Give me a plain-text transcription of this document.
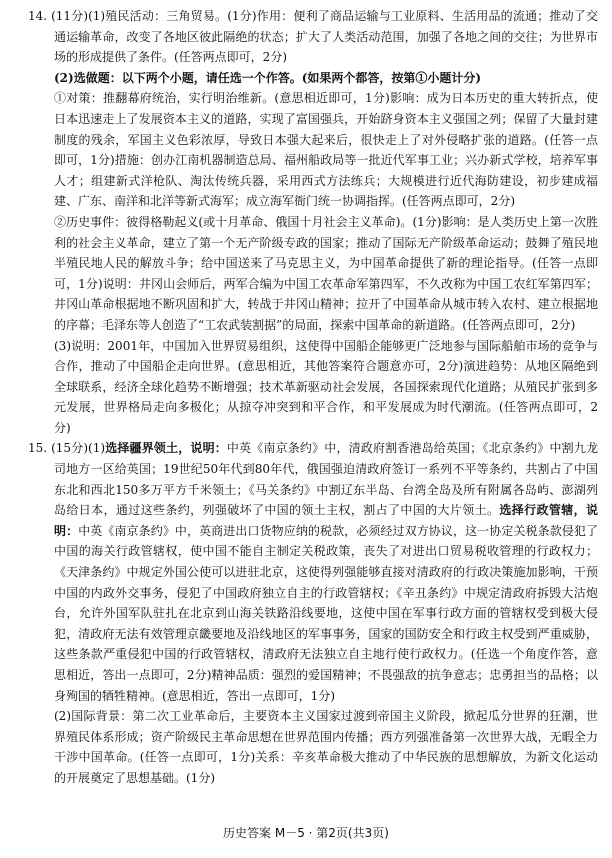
14. (11分)(1)殖民活动：三角贸易。(1分)作用：便利了商品运输与工业原料、生活用品的流通；推动了交通运输革命，改变了各地区彼此隔绝的状态；扩大了人类活动范围，加强了各地之间的交往；为世界市场的形成提供了条件。(任答两点即可，2分)

(2)选做题：以下两个小题，请任选一个作答。(如果两个都答，按第①小题计分)

①对策：推翻幕府统治，实行明治维新。(意思相近即可，1分)影响：成为日本历史的重大转折点，使日本迅速走上了发展资本主义的道路，实现了富国强兵，开始跻身资本主义强国之列；保留了大量封建制度的残余，军国主义色彩浓厚，导致日本强大起来后，很快走上了对外侵略扩张的道路。(任答一点即可，1分)措施：创办江南机器制造总局、福州船政局等一批近代军事工业；兴办新式学校，培养军事人才；组建新式洋枪队、淘汰传统兵器，采用西式方法练兵；大规模进行近代海防建设，初步建成福建、广东、南洋和北洋等新式海军；成立海军衙门统一协调指挥。(任答两点即可，2分)

②历史事件：彼得格勒起义(或十月革命、俄国十月社会主义革命)。(1分)影响：是人类历史上第一次胜利的社会主义革命，建立了第一个无产阶级专政的国家；推动了国际无产阶级革命运动；鼓舞了殖民地半殖民地人民的解放斗争；给中国送来了马克思主义，为中国革命提供了新的理论指导。(任答一点即可，1分)说明：井冈山会师后，两军合编为中国工农革命军第四军，不久改称为中国工农红军第四军；井冈山革命根据地不断巩固和扩大，转战于井冈山精神；拉开了中国革命从城市转入农村、建立根据地的序幕；毛泽东等人创造了“工农武装割据”的局面，探索中国革命的新道路。(任答两点即可，2分)

(3)说明：2001年，中国加入世界贸易组织，这使得中国船企能够更广泛地参与国际船舶市场的竞争与合作，推动了中国船企走向世界。(意思相近，其他答案符合题意亦可，2分)演进趋势：从地区隔绝到全球联系，经济全球化趋势不断增强；技术革新驱动社会发展，各国探索现代化道路；从殖民扩张到多元发展，世界格局走向多极化；从掠夺冲突到和平合作，和平发展成为时代潮流。(任答两点即可，2分)

15. (15分)(1)选择疆界领土，说明：中英《南京条约》中，清政府割香港岛给英国；《北京条约》中割九龙司地方一区给英国；19世纪50年代到80年代，俄国强迫清政府签订一系列不平等条约，共割占了中国东北和西北150多万平方千米领土；《马关条约》中割辽东半岛、台湾全岛及所有附属各岛屿、澎湖列岛给日本，通过这些条约，列强破坏了中国的领土主权，割占了中国的大片领土。选择行政管辖，说明：中英《南京条约》中，英商进出口货物应纳的税款，必须经过双方协议，这一协定关税条款侵犯了中国的海关行政管辖权，使中国不能自主制定关税政策，丧失了对进出口贸易税收管理的行政权力；《天津条约》中规定外国公使可以进驻北京，这使得列强能够直接对清政府的行政决策施加影响，干预中国的内政外交事务，侵犯了中国政府独立自主的行政管辖权；《辛丑条约》中规定清政府拆毁大沽炮台，允许外国军队驻扎在北京到山海关铁路沿线要地，这使中国在军事行政方面的管辖权受到极大侵犯，清政府无法有效管理京畿要地及沿线地区的军事事务，国家的国防安全和行政主权受到严重威胁，这些条款严重侵犯中国的行政管辖权，清政府无法独立自主地行使行政权力。(任选一个角度作答，意思相近，答出一点即可，2分)精神品质：强烈的爱国精神；不畏强敌的抗争意志；忠勇担当的品格；以身殉国的牺牲精神。(意思相近，答出一点即可，1分)

(2)国际背景：第二次工业革命后，主要资本主义国家过渡到帝国主义阶段，掀起瓜分世界的狂潮，世界殖民体系形成；资产阶级民主革命思想在世界范围内传播；西方列强准备第一次世界大战，无暇全力干涉中国革命。(任答一点即可，1分)关系：辛亥革命极大推动了中华民族的思想解放，为新文化运动的开展奠定了思想基础。(1分)

历史答案 M－5 · 第2页(共3页)
